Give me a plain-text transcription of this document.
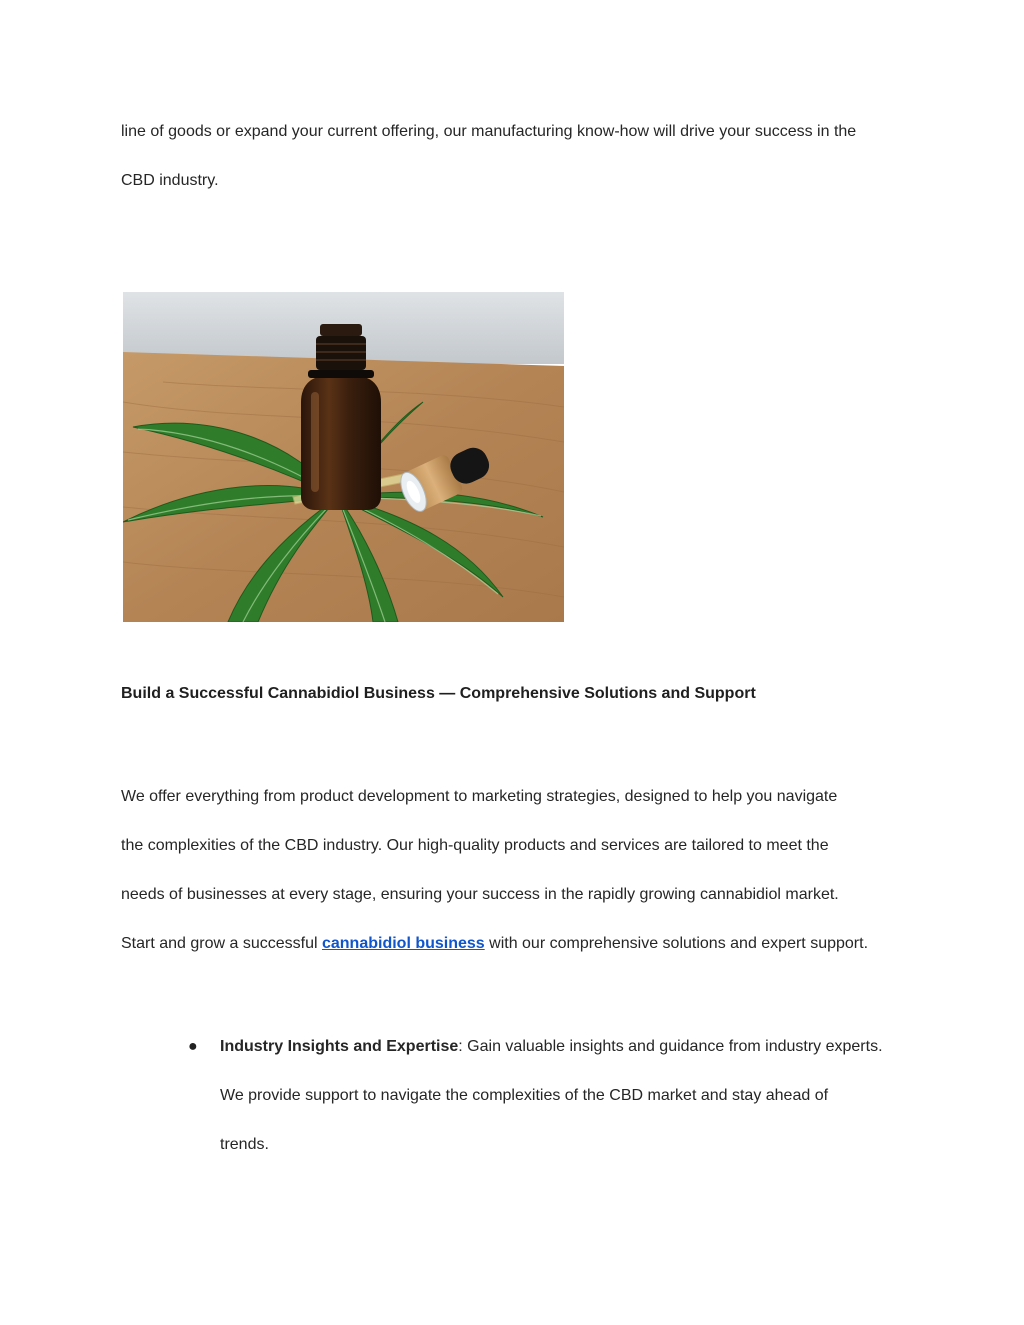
line of goods or expand your current offering, our manufacturing know-how will drive your success in the
CBD industry.
Build a Successful Cannabidiol Business — Comprehensive Solutions and Support
We offer everything from product development to marketing strategies, designed to help you navigate
the complexities of the CBD industry. Our high-quality products and services are tailored to meet the
needs of businesses at every stage, ensuring your success in the rapidly growing cannabidiol market.
Start and grow a successful cannabidiol business with our comprehensive solutions and expert support.
● Industry Insights and Expertise: Gain valuable insights and guidance from industry experts.
We provide support to navigate the complexities of the CBD market and stay ahead of
trends.
